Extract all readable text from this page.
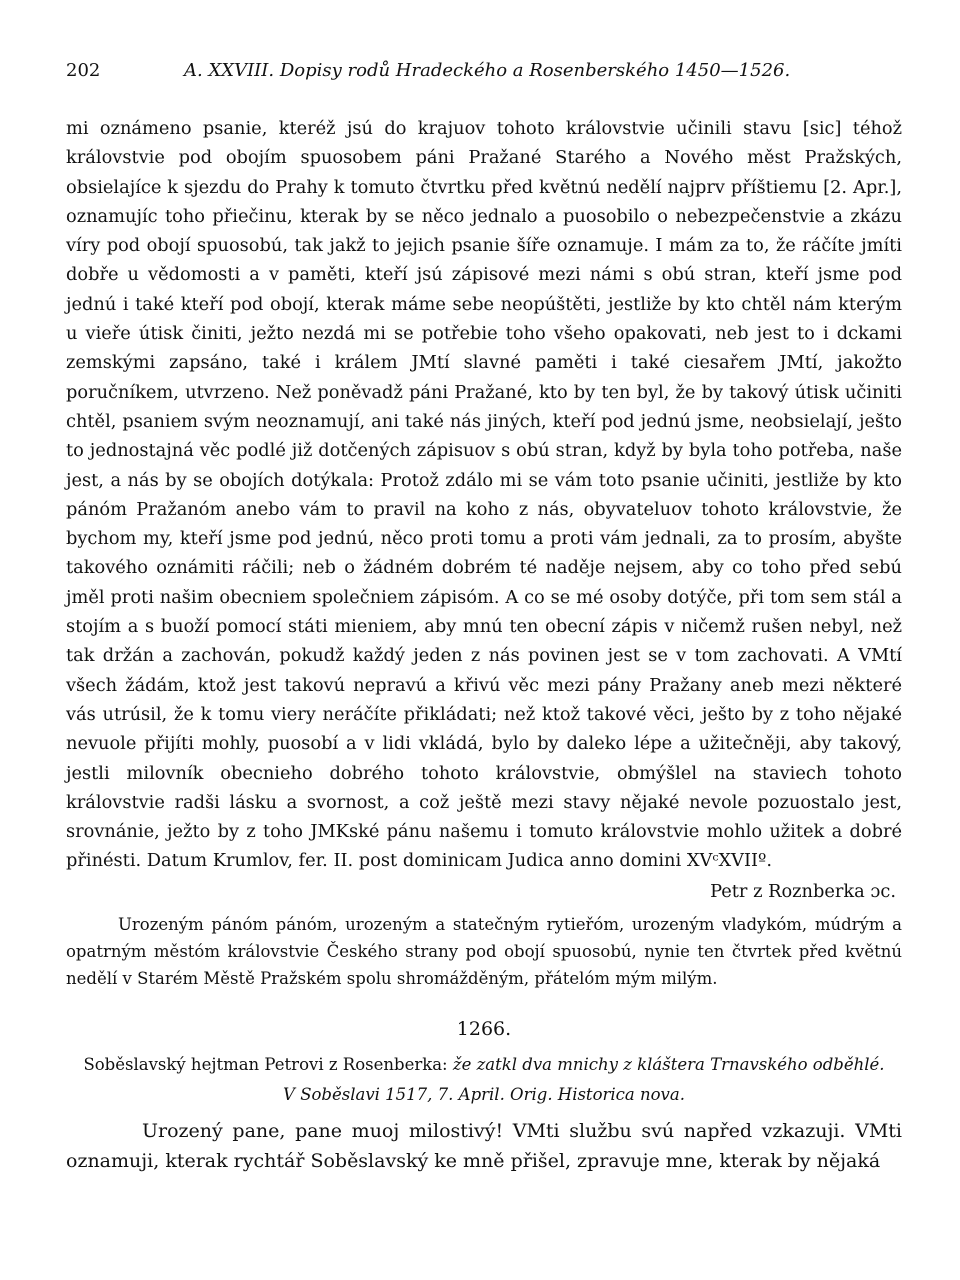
202	A. XXVIII. Dopisy rodů Hradeckého a Rosenberského 1450—1526.

mi oznámeno psanie, kteréž jsú do krajuov tohoto královstvie učinili stavu [sic] téhož královstvie pod obojím spuosobem páni Pražané Starého a Nového měst Pražských, obsielajíce k sjezdu do Prahy k tomuto čtvrtku před květnú nedělí najprv příštiemu [2. Apr.], oznamujíc toho přiečinu, kterak by se něco jednalo a puosobilo o nebezpečenstvie a zkázu víry pod obojí spuosobú, tak jakž to jejich psanie šíře oznamuje. I mám za to, že ráčíte jmíti dobře u vědomosti a v paměti, kteří jsú zápisové mezi námi s obú stran, kteří jsme pod jednú i také kteří pod obojí, kterak máme sebe neopúštěti, jestliže by kto chtěl nám kterým u vieře útisk činiti, ježto nezdá mi se potřebie toho všeho opakovati, neb jest to i dckami zemskými zapsáno, také i králem JMtí slavné paměti i také ciesařem JMtí, jakožto poručníkem, utvrzeno. Než poněvadž páni Pražané, kto by ten byl, že by takový útisk učiniti chtěl, psaniem svým neoznamují, ani také nás jiných, kteří pod jednú jsme, neobsielají, ješto to jednostajná věc podlé již dotčených zápisuov s obú stran, když by byla toho potřeba, naše jest, a nás by se obojích dotýkala: Protož zdálo mi se vám toto psanie učiniti, jestliže by kto pánóm Pražanóm anebo vám to pravil na koho z nás, obyvateluov tohoto královstvie, že bychom my, kteří jsme pod jednú, něco proti tomu a proti vám jednali, za to prosím, abyšte takového oznámiti ráčili; neb o žádném dobrém té naděje nejsem, aby co toho před sebú jměl proti našim obecniem společniem zápisóm. A co se mé osoby dotýče, při tom sem stál a stojím a s buoží pomocí státi mieniem, aby mnú ten obecní zápis v ničemž rušen nebyl, než tak držán a zachován, pokudž každý jeden z nás povinen jest se v tom zachovati. A VMtí všech žádám, ktož jest takovú nepravú a křivú věc mezi pány Pražany aneb mezi některé vás utrúsil, že k tomu viery neráčíte přikládati; než ktož takové věci, ješto by z toho nějaké nevuole přijíti mohly, puosobí a v lidi vkládá, bylo by daleko lépe a užitečněji, aby takový, jestli milovník obecnieho dobrého tohoto královstvie, obmýšlel na staviech tohoto královstvie radši lásku a svornost, a což ještě mezi stavy nějaké nevole pozuostalo jest, srovnánie, ježto by z toho JMKské pánu našemu i tomuto královstvie mohlo užitek a dobré přinésti. Datum Krumlov, fer. II. post dominicam Judica anno domini XVᶜXVIIº.

Petr z Roznberka ɔc.
Urozeným pánóm pánóm, urozeným a statečným rytieřóm, urozeným vladykóm, múdrým a opatrným městóm královstvie Českého strany pod obojí spuosobú, nynie ten čtvrtek před květnú nedělí v Starém Městě Pražském spolu shromážděným, přátelóm mým milým.
1266.
Soběslavský hejtman Petrovi z Rosenberka: že zatkl dva mnichy z kláštera Trnavského odběhlé.
V Soběslavi 1517, 7. April. Orig. Historica nova.
Urozený pane, pane muoj milostivý! VMti službu svú napřed vzkazuji. VMti oznamuji, kterak rychtář Soběslavský ke mně přišel, zpravuje mne, kterak by nějaká
